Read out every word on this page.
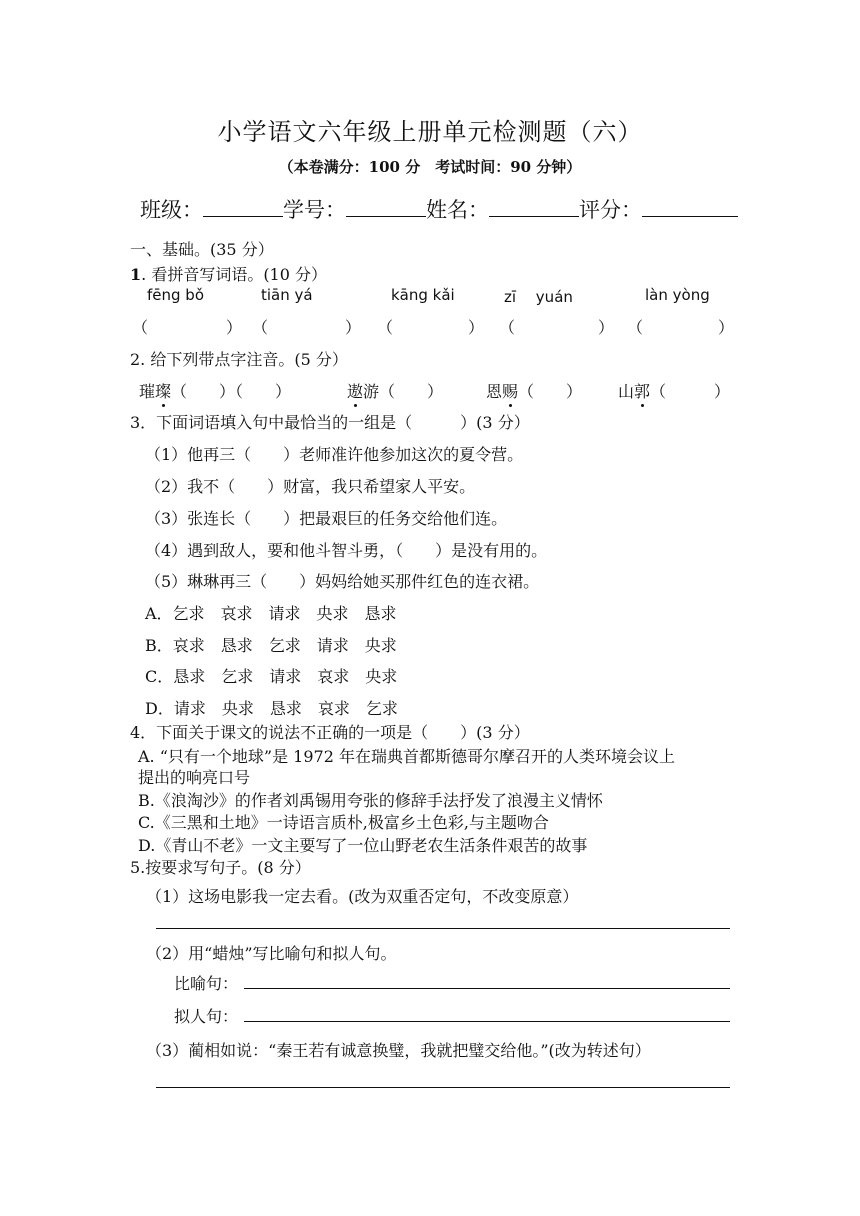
小学语文六年级上册单元检测题（六）
（本卷满分：100 分　考试时间：90 分钟）
班级：	学号：	姓名：	评分：
一、基础。(35 分）
1. 看拼音写词语。(10 分）
fēng bǒ	tiān yá	kāng kǎi	zī　 yuán	làn yòng
（	） （	） （	） （	） （	）
2. 给下列带点字注音。(5 分）
璀璨（　　）（　　）	遨游（　　）	恩赐（　　） 山郭（　　　）
3．下面词语填入句中最恰当的一组是（　　　）(3 分）
（1）他再三（　　）老师准许他参加这次的夏令营。
（2）我不（　　）财富，我只希望家人平安。
（3）张连长（　　）把最艰巨的任务交给他们连。
（4）遇到敌人，要和他斗智斗勇，（　　）是没有用的。
（5）琳琳再三（　　）妈妈给她买那件红色的连衣裙。
A．乞求　哀求　请求　央求　恳求
B．哀求　恳求　乞求　请求　央求
C．恳求　乞求　请求　哀求　央求
D．请求　央求　恳求　哀求　乞求
4．下面关于课文的说法不正确的一项是（　　）(3 分）
A. “只有一个地球”是 1972 年在瑞典首都斯德哥尔摩召开的人类环境会议上
提出的响亮口号
B.《浪淘沙》的作者刘禹锡用夸张的修辞手法抒发了浪漫主义情怀
C.《三黑和土地》一诗语言质朴,极富乡土色彩,与主题吻合
D.《青山不老》一文主要写了一位山野老农生活条件艰苦的故事
5.按要求写句子。(8 分）
（1）这场电影我一定去看。(改为双重否定句，不改变原意）
（2）用“蜡烛”写比喻句和拟人句。
比喻句：
拟人句：
（3）蔺相如说：“秦王若有诚意换璧，我就把璧交给他。”(改为转述句）
